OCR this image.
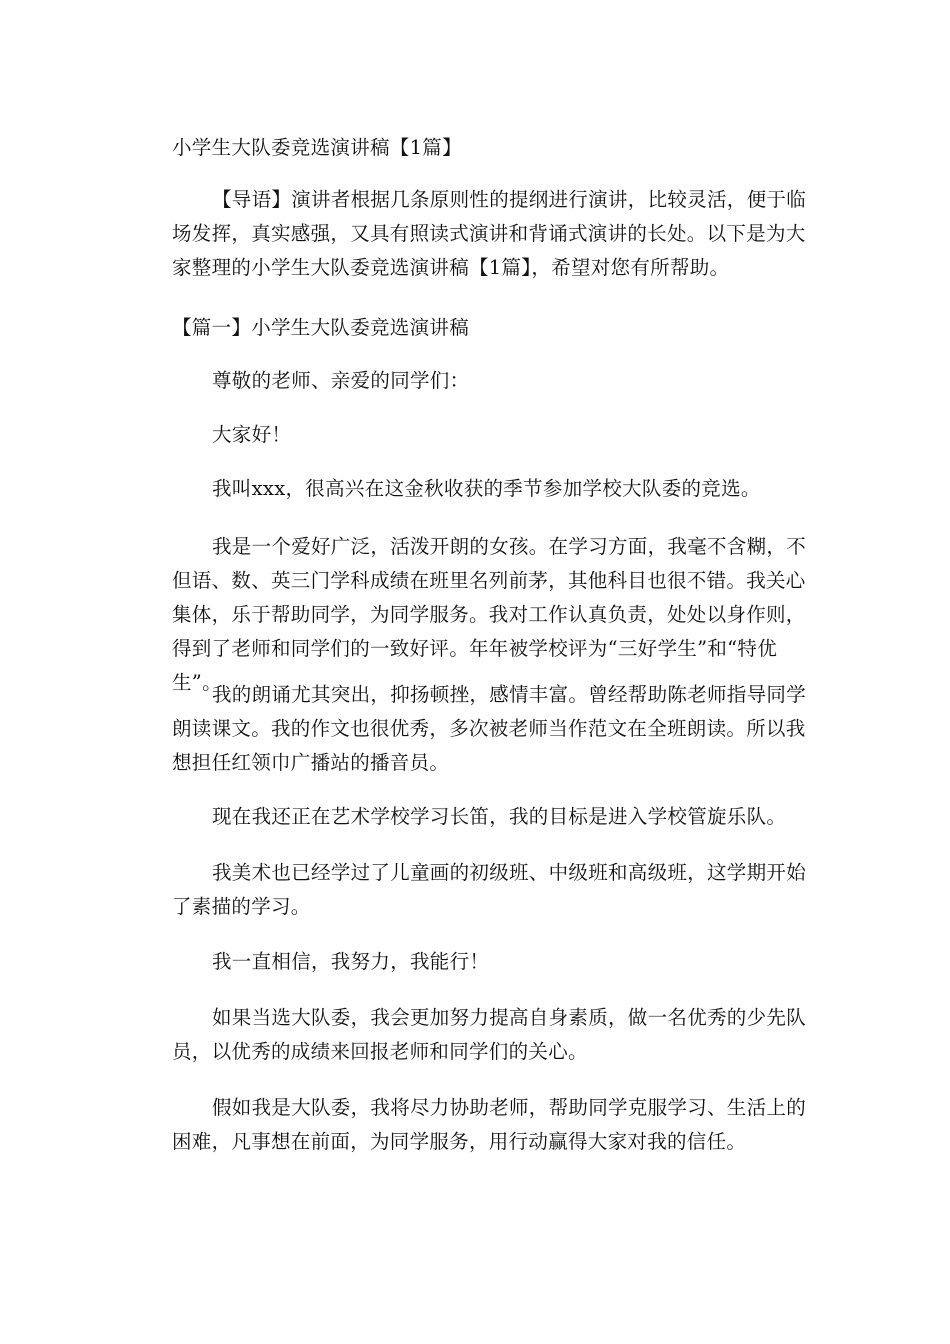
小学生大队委竞选演讲稿【1篇】

【导语】演讲者根据几条原则性的提纲进行演讲，比较灵活，便于临场发挥，真实感强，又具有照读式演讲和背诵式演讲的长处。以下是为大家整理的小学生大队委竞选演讲稿【1篇】，希望对您有所帮助。

【篇一】小学生大队委竞选演讲稿

尊敬的老师、亲爱的同学们：

大家好！

我叫xxx，很高兴在这金秋收获的季节参加学校大队委的竞选。

我是一个爱好广泛，活泼开朗的女孩。在学习方面，我毫不含糊，不但语、数、英三门学科成绩在班里名列前茅，其他科目也很不错。我关心集体，乐于帮助同学，为同学服务。我对工作认真负责，处处以身作则，得到了老师和同学们的一致好评。年年被学校评为“三好学生”和“特优生”。

我的朗诵尤其突出，抑扬顿挫，感情丰富。曾经帮助陈老师指导同学朗读课文。我的作文也很优秀，多次被老师当作范文在全班朗读。所以我想担任红领巾广播站的播音员。

现在我还正在艺术学校学习长笛，我的目标是进入学校管旋乐队。

我美术也已经学过了儿童画的初级班、中级班和高级班，这学期开始了素描的学习。

我一直相信，我努力，我能行！

如果当选大队委，我会更加努力提高自身素质，做一名优秀的少先队员，以优秀的成绩来回报老师和同学们的关心。

假如我是大队委，我将尽力协助老师，帮助同学克服学习、生活上的困难，凡事想在前面，为同学服务，用行动赢得大家对我的信任。
